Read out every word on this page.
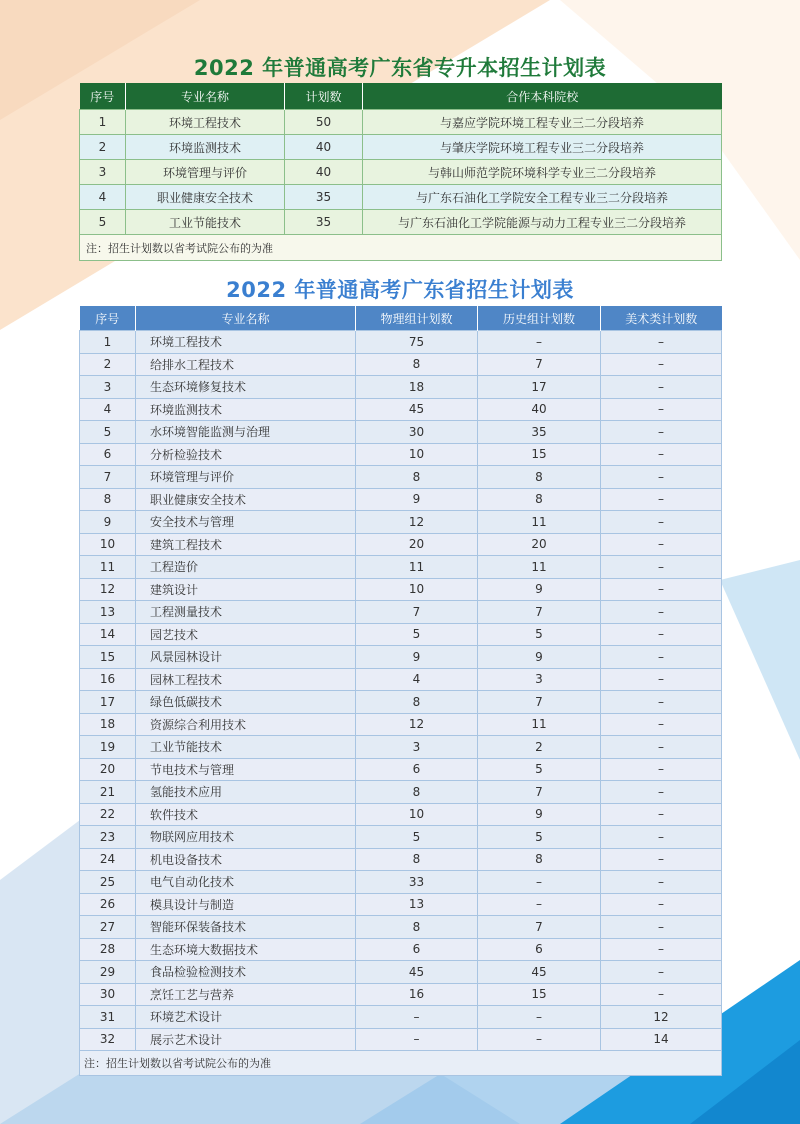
2022 年普通高考广东省专升本招生计划表
序号	专业名称	计划数	合作本科院校
1	环境工程技术	50	与嘉应学院环境工程专业三二分段培养
2	环境监测技术	40	与肇庆学院环境工程专业三二分段培养
3	环境管理与评价	40	与韩山师范学院环境科学专业三二分段培养
4	职业健康安全技术	35	与广东石油化工学院安全工程专业三二分段培养
5	工业节能技术	35	与广东石油化工学院能源与动力工程专业三二分段培养
注：招生计划数以省考试院公布的为准			
2022 年普通高考广东省招生计划表
序号	专业名称	物理组计划数	历史组计划数	美术类计划数
1	环境工程技术	75	–	–
2	给排水工程技术	8	7	–
3	生态环境修复技术	18	17	–
4	环境监测技术	45	40	–
5	水环境智能监测与治理	30	35	–
6	分析检验技术	10	15	–
7	环境管理与评价	8	8	–
8	职业健康安全技术	9	8	–
9	安全技术与管理	12	11	–
10	建筑工程技术	20	20	–
11	工程造价	11	11	–
12	建筑设计	10	9	–
13	工程测量技术	7	7	–
14	园艺技术	5	5	–
15	风景园林设计	9	9	–
16	园林工程技术	4	3	–
17	绿色低碳技术	8	7	–
18	资源综合利用技术	12	11	–
19	工业节能技术	3	2	–
20	节电技术与管理	6	5	–
21	氢能技术应用	8	7	–
22	软件技术	10	9	–
23	物联网应用技术	5	5	–
24	机电设备技术	8	8	–
25	电气自动化技术	33	–	–
26	模具设计与制造	13	–	–
27	智能环保装备技术	8	7	–
28	生态环境大数据技术	6	6	–
29	食品检验检测技术	45	45	–
30	烹饪工艺与营养	16	15	–
31	环境艺术设计	–	–	12
32	展示艺术设计	–	–	14
注：招生计划数以省考试院公布的为准				
